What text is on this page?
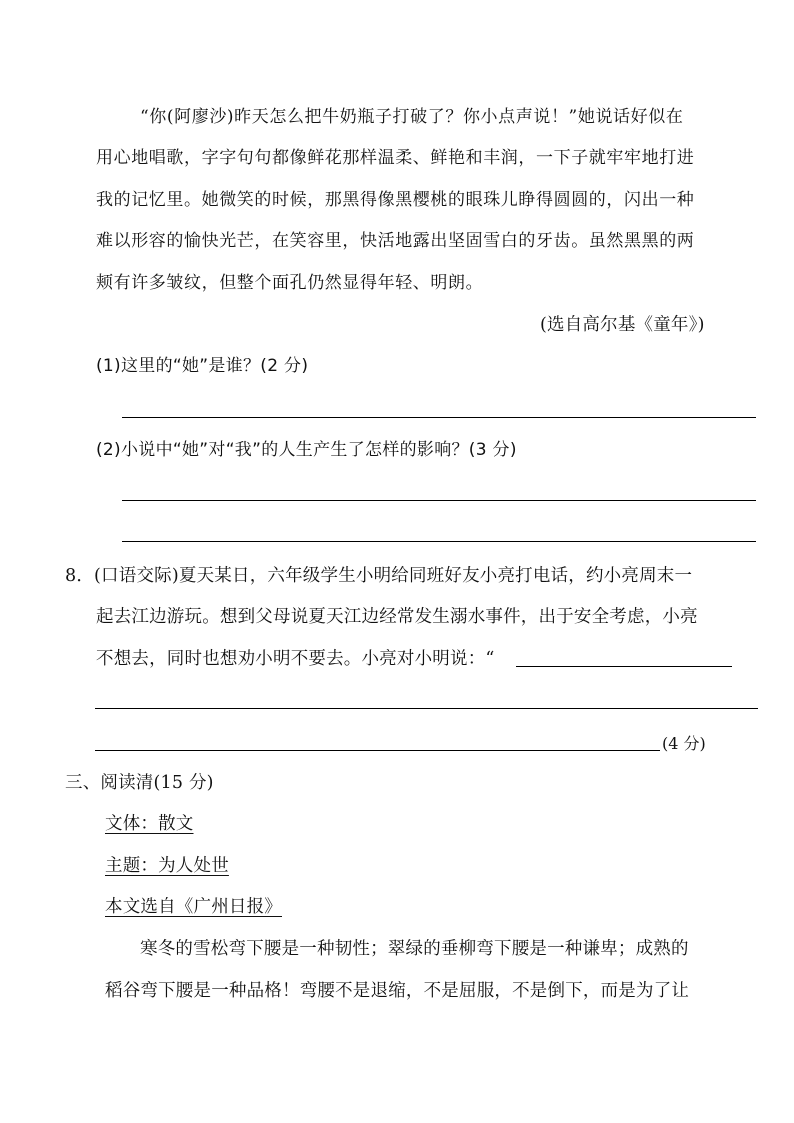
“你(阿廖沙)昨天怎么把牛奶瓶子打破了？你小点声说！”她说话好似在
用心地唱歌，字字句句都像鲜花那样温柔、鲜艳和丰润，一下子就牢牢地打进
我的记忆里。她微笑的时候，那黑得像黑樱桃的眼珠儿睁得圆圆的，闪出一种
难以形容的愉快光芒，在笑容里，快活地露出坚固雪白的牙齿。虽然黑黑的两
颊有许多皱纹，但整个面孔仍然显得年轻、明朗。
(选自高尔基《童年》)
(1)这里的“她”是谁？(2 分)
(2)小说中“她”对“我”的人生产生了怎样的影响？(3 分)
8．(口语交际)夏天某日，六年级学生小明给同班好友小亮打电话，约小亮周末一
起去江边游玩。想到父母说夏天江边经常发生溺水事件，出于安全考虑，小亮
不想去，同时也想劝小明不要去。小亮对小明说：“
(4 分)
三、阅读清(15 分)
文体：散文
主题：为人处世
本文选自《广州日报》
寒冬的雪松弯下腰是一种韧性；翠绿的垂柳弯下腰是一种谦卑；成熟的
稻谷弯下腰是一种品格！弯腰不是退缩，不是屈服，不是倒下，而是为了让
